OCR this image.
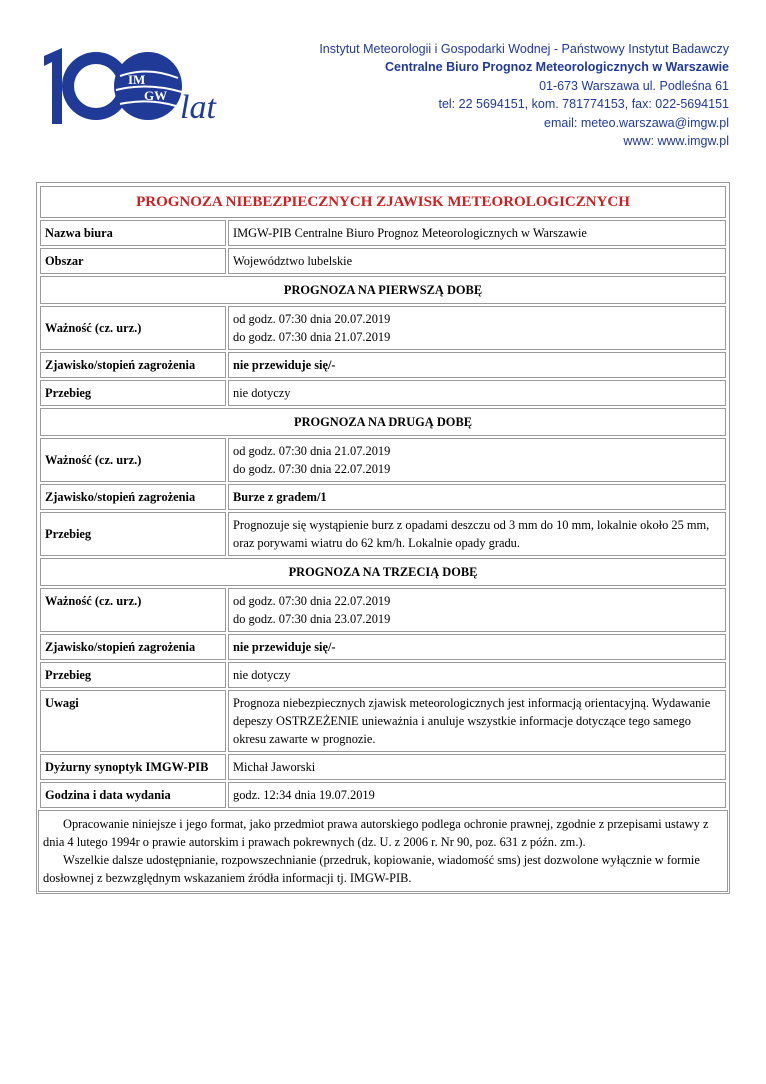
IM
GW lat
Instytut Meteorologii i Gospodarki Wodnej - Państwowy Instytut Badawczy
Centralne Biuro Prognoz Meteorologicznych w Warszawie
01-673 Warszawa ul. Podleśna 61
tel: 22 5694151, kom. 781774153, fax: 022-5694151
email: meteo.warszawa@imgw.pl
www: www.imgw.pl
PROGNOZA NIEBEZPIECZNYCH ZJAWISK METEOROLOGICZNYCH	
Nazwa biura	IMGW-PIB Centralne Biuro Prognoz Meteorologicznych w Warszawie
Obszar	Województwo lubelskie
PROGNOZA NA PIERWSZĄ DOBĘ	
Ważność (cz. urz.)	od godz. 07:30 dnia 20.07.2019
do godz. 07:30 dnia 21.07.2019

Zjawisko/stopień zagrożenia	nie przewiduje się/-
Przebieg	nie dotyczy
PROGNOZA NA DRUGĄ DOBĘ	
Ważność (cz. urz.)	od godz. 07:30 dnia 21.07.2019
do godz. 07:30 dnia 22.07.2019

Zjawisko/stopień zagrożenia	Burze z gradem/1
Przebieg	Prognozuje się wystąpienie burz z opadami deszczu od 3 mm do 10 mm, lokalnie około 25 mm,
oraz porywami wiatru do 62 km/h. Lokalnie opady gradu.

PROGNOZA NA TRZECIĄ DOBĘ	
Ważność (cz. urz.)	od godz. 07:30 dnia 22.07.2019
do godz. 07:30 dnia 23.07.2019

Zjawisko/stopień zagrożenia	nie przewiduje się/-
Przebieg	nie dotyczy
Uwagi	Prognoza niebezpiecznych zjawisk meteorologicznych jest informacją orientacyjną. Wydawanie
depeszy OSTRZEŻENIE unieważnia i anuluje wszystkie informacje dotyczące tego samego
okresu zawarte w prognozie.

Dyżurny synoptyk IMGW-PIB	Michał Jaworski
Godzina i data wydania	godz. 12:34 dnia 19.07.2019

Opracowanie niniejsze i jego format, jako przedmiot prawa autorskiego podlega ochronie prawnej, zgodnie z przepisami ustawy z dnia 4 lutego 1994r o prawie autorskim i prawach pokrewnych (dz. U. z 2006 r. Nr 90, poz. 631 z późn. zm.).

Wszelkie dalsze udostępnianie, rozpowszechnianie (przedruk, kopiowanie, wiadomość sms) jest dozwolone wyłącznie w formie dosłownej z bezwzględnym wskazaniem źródła informacji tj. IMGW-PIB.
